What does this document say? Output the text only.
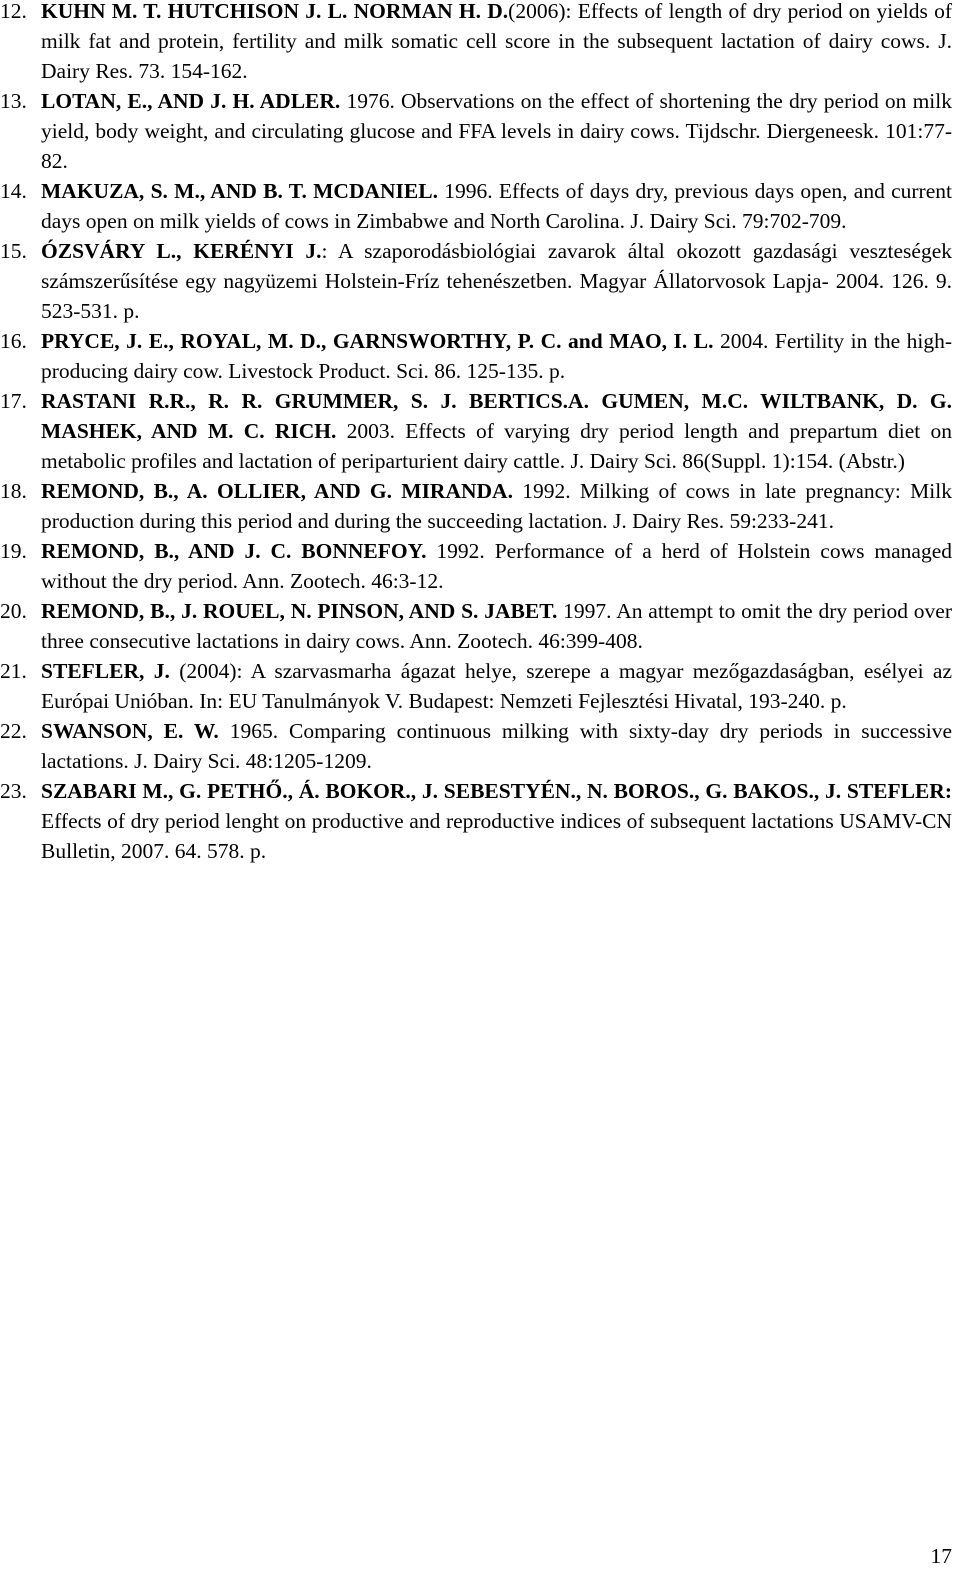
12. KUHN M. T. HUTCHISON J. L. NORMAN H. D.(2006): Effects of length of dry period on yields of milk fat and protein, fertility and milk somatic cell score in the subsequent lactation of dairy cows. J. Dairy Res. 73. 154-162.
13. LOTAN, E., AND J. H. ADLER. 1976. Observations on the effect of shortening the dry period on milk yield, body weight, and circulating glucose and FFA levels in dairy cows. Tijdschr. Diergeneesk. 101:77-82.
14. MAKUZA, S. M., AND B. T. MCDANIEL. 1996. Effects of days dry, previous days open, and current days open on milk yields of cows in Zimbabwe and North Carolina. J. Dairy Sci. 79:702-709.
15. ÓZSVÁRY L., KERÉNYI J.: A szaporodásbiológiai zavarok által okozott gazdasági veszteségek számszerűsítése egy nagyüzemi Holstein-Fríz tehenészetben. Magyar Állatorvosok Lapja- 2004. 126. 9. 523-531. p.
16. PRYCE, J. E., ROYAL, M. D., GARNSWORTHY, P. C. and MAO, I. L. 2004. Fertility in the high-producing dairy cow. Livestock Product. Sci. 86. 125-135. p.
17. RASTANI R.R., R. R. GRUMMER, S. J. BERTICS.A. GUMEN, M.C. WILTBANK, D. G. MASHEK, AND M. C. RICH. 2003. Effects of varying dry period length and prepartum diet on metabolic profiles and lactation of periparturient dairy cattle. J. Dairy Sci. 86(Suppl. 1):154. (Abstr.)
18. REMOND, B., A. OLLIER, AND G. MIRANDA. 1992. Milking of cows in late pregnancy: Milk production during this period and during the succeeding lactation. J. Dairy Res. 59:233-241.
19. REMOND, B., AND J. C. BONNEFOY. 1992. Performance of a herd of Holstein cows managed without the dry period. Ann. Zootech. 46:3-12.
20. REMOND, B., J. ROUEL, N. PINSON, AND S. JABET. 1997. An attempt to omit the dry period over three consecutive lactations in dairy cows. Ann. Zootech. 46:399-408.
21. STEFLER, J. (2004): A szarvasmarha ágazat helye, szerepe a magyar mezőgazdaságban, esélyei az Európai Unióban. In: EU Tanulmányok V. Budapest: Nemzeti Fejlesztési Hivatal, 193-240. p.
22. SWANSON, E. W. 1965. Comparing continuous milking with sixty-day dry periods in successive lactations. J. Dairy Sci. 48:1205-1209.
23. SZABARI M., G. PETHŐ., Á. BOKOR., J. SEBESTYÉN., N. BOROS., G. BAKOS., J. STEFLER: Effects of dry period lenght on productive and reproductive indices of subsequent lactations USAMV-CN Bulletin, 2007. 64. 578. p.
17
